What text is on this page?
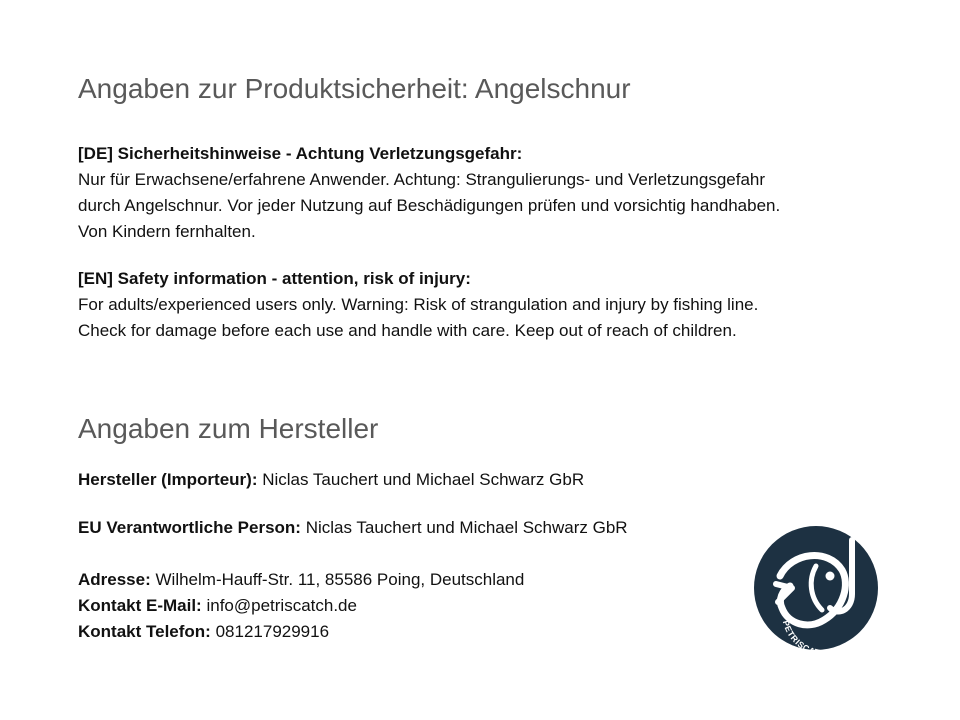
Angaben zur Produktsicherheit: Angelschnur
[DE] Sicherheitshinweise - Achtung Verletzungsgefahr:
Nur für Erwachsene/erfahrene Anwender. Achtung: Strangulierungs- und Verletzungsgefahr
durch Angelschnur. Vor jeder Nutzung auf Beschädigungen prüfen und vorsichtig handhaben.
Von Kindern fernhalten.
[EN] Safety information - attention, risk of injury:
For adults/experienced users only. Warning: Risk of strangulation and injury by fishing line.
Check for damage before each use and handle with care. Keep out of reach of children.
Angaben zum Hersteller
Hersteller (Importeur): Niclas Tauchert und Michael Schwarz GbR
EU Verantwortliche Person: Niclas Tauchert und Michael Schwarz GbR
Adresse: Wilhelm-Hauff-Str. 11, 85586 Poing, Deutschland
Kontakt E-Mail: info@petriscatch.de
Kontakt Telefon: 081217929916	PETRISCA DE
